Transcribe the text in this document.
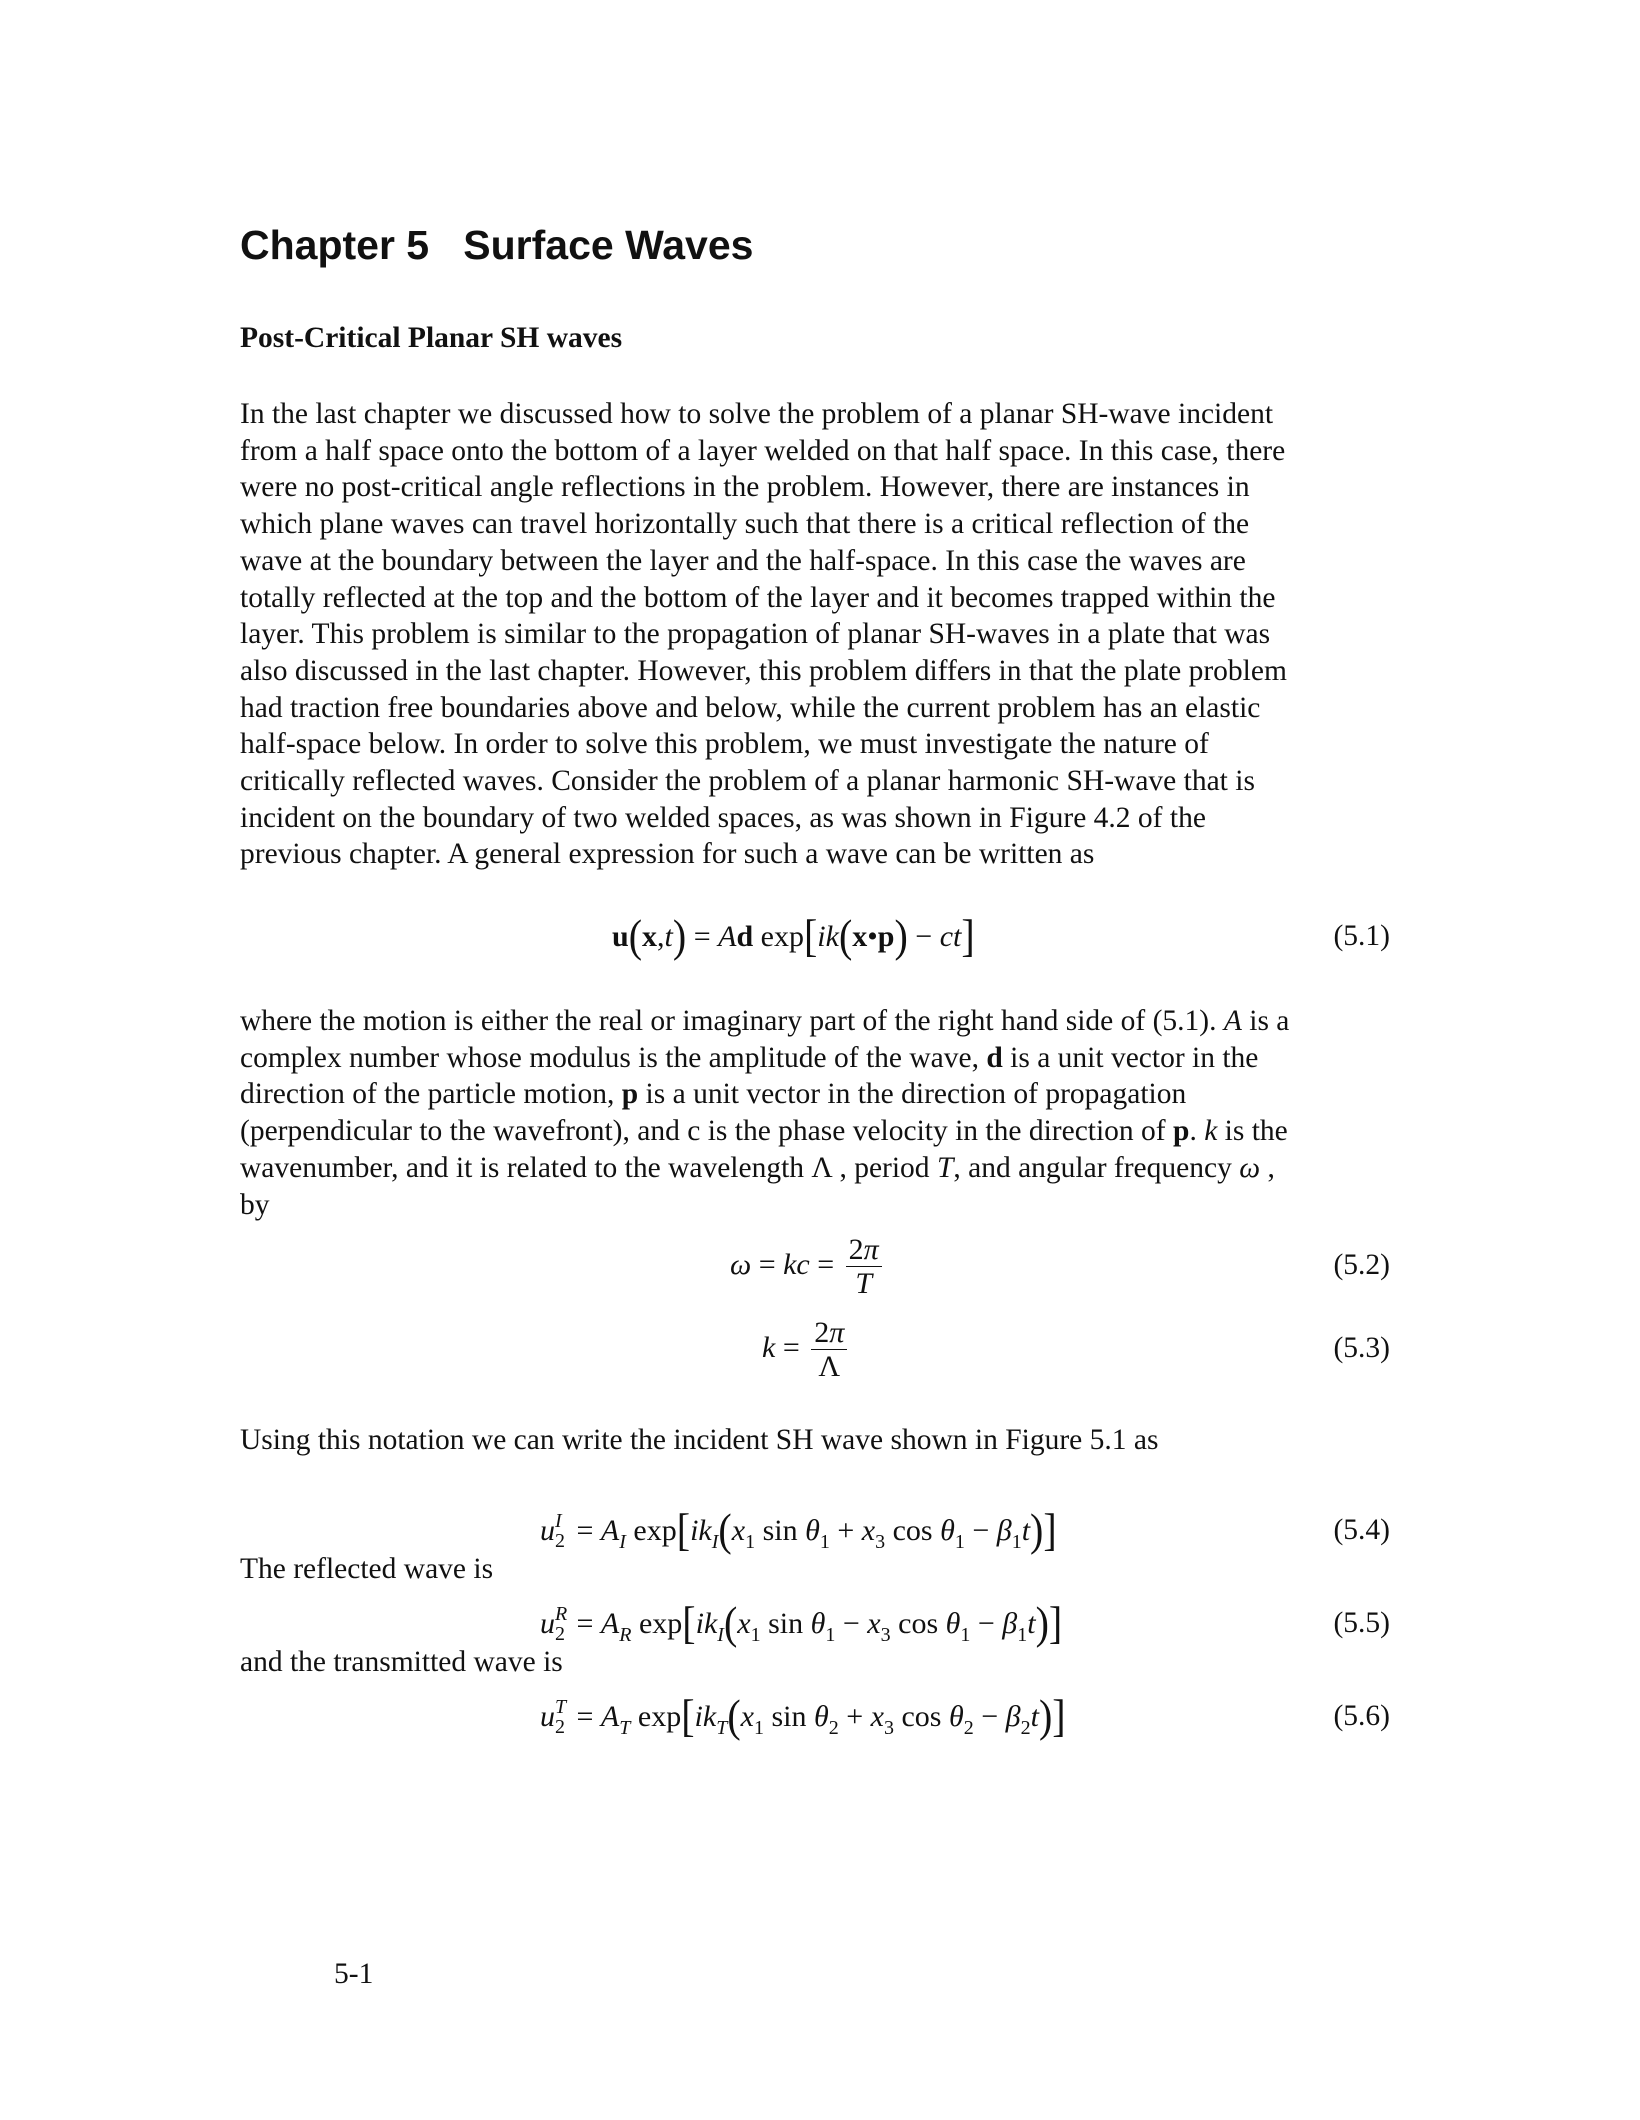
Chapter 5   Surface Waves
Post-Critical Planar SH waves
In the last chapter we discussed how to solve the problem of a planar SH-wave incident
from a half space onto the bottom of a layer welded on that half space. In this case, there
were no post-critical angle reflections in the problem. However, there are instances in
which plane waves can travel horizontally such that there is a critical reflection of the
wave at the boundary between the layer and the half-space. In this case the waves are
totally reflected at the top and the bottom of the layer and it becomes trapped within the
layer. This problem is similar to the propagation of planar SH-waves in a plate that was
also discussed in the last chapter. However, this problem differs in that the plate problem
had traction free boundaries above and below, while the current problem has an elastic
half-space below. In order to solve this problem, we must investigate the nature of
critically reflected waves. Consider the problem of a planar harmonic SH-wave that is
incident on the boundary of two welded spaces, as was shown in Figure 4.2 of the
previous chapter. A general expression for such a wave can be written as
u(x,t) = Ad exp[ik(x•p) − ct]	(5.1)
where the motion is either the real or imaginary part of the right hand side of (5.1). A is a
complex number whose modulus is the amplitude of the wave, d is a unit vector in the
direction of the particle motion, p is a unit vector in the direction of propagation
(perpendicular to the wavefront), and c is the phase velocity in the direction of p. k is the
wavenumber, and it is related to the wavelength Λ , period T, and angular frequency ω ,
by
ω = kc = $\frac{2\pi}{T}$	(5.2)
$k = \frac{2\pi}{\Lambda}$	(5.3)

Using this notation we can write the incident SH wave shown in Figure 5.1 as

u I
$2 = A_I$ $\exp[ik_I(x_1$ $\sin \theta_1 + x_3$ $\cos \theta_1 - \beta_1t$)]	(5.4)

The reflected wave is

u R
$2 = A_R$ $\exp[ik_I(x_1$ $\sin \theta_1 - x_3$ $\cos \theta_1 - \beta_1t$)]	(5.5)

and the transmitted wave is

u T
$2 = A_T$ $\exp[ik_T(x_1$ $\sin \theta_2 + x_3$ $\cos \theta_2 - \beta_2t$)]	(5.6)

5-1
